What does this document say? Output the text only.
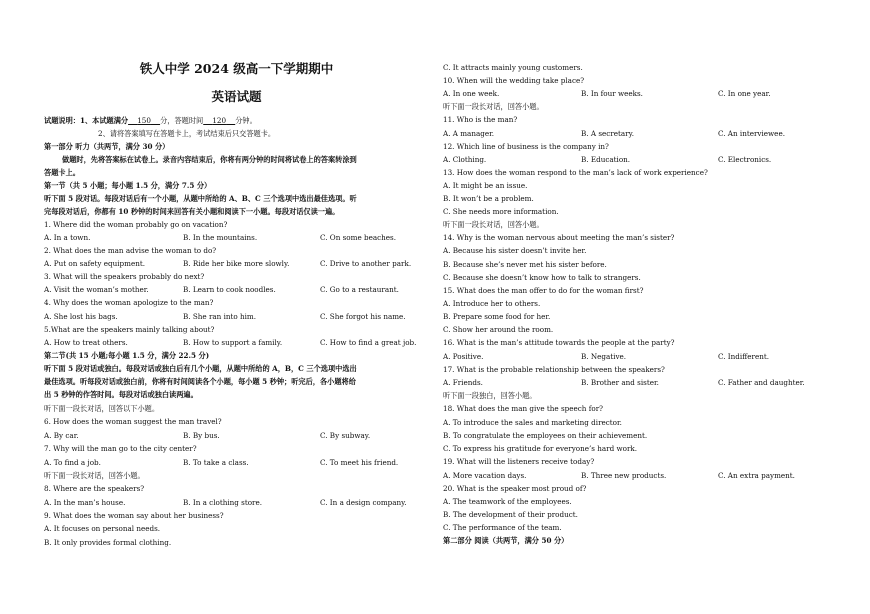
铁人中学 2024 级高一下学期期中
英语试题
试题说明：1、本试题满分 150 分，答题时间 120 分钟。
2、请将答案填写在答题卡上，考试结束后只交答题卡。
第一部分 听力（共两节，满分 30 分）
做题时，先将答案标在试卷上。录音内容结束后，你将有两分钟的时间将试卷上的答案转涂到
答题卡上。
第一节（共 5 小题；每小题 1.5 分，满分 7.5 分）
听下面 5 段对话。每段对话后有一个小题，从题中所给的 A、B、C 三个选项中选出最佳选项。听
完每段对话后，你都有 10 秒钟的时间来回答有关小题和阅读下一小题。每段对话仅读一遍。
1. Where did the woman probably go on vacation?
A. In a town.	B. In the mountains.	C. On some beaches.
2. What does the man advise the woman to do?
A. Put on safety equipment.	B. Ride her bike more slowly.	C. Drive to another park.
3. What will the speakers probably do next?
A. Visit the woman’s mother.	B. Learn to cook noodles.	C. Go to a restaurant.
4. Why does the woman apologize to the man?
A. She lost his bags.	B. She ran into him.	C. She forgot his name.
5.What are the speakers mainly talking about?
A. How to treat others.	B. How to support a family.	C. How to find a great job.
第二节(共 15 小题;每小题 1.5 分，满分 22.5 分)
听下面 5 段对话或独白。每段对话或独白后有几个小题，从题中所给的 A，B，C 三个选项中选出
最佳选项。听每段对话或独白前，你将有时间阅读各个小题，每小题 5 秒钟；听完后，各小题将给
出 5 秒钟的作答时间。每段对话或独白读两遍。
听下面一段长对话，回答以下小题。
6. How does the woman suggest the man travel?
A. By car.	B. By bus.	C. By subway.
7. Why will the man go to the city center?
A. To find a job.	B. To take a class.	C. To meet his friend.
听下面一段长对话，回答小题。
8. Where are the speakers?
A. In the man’s house.	B. In a clothing store.	C. In a design company.
9. What does the woman say about her business?
A. It focuses on personal needs.
B. It only provides formal clothing.
C. It attracts mainly young customers.
10. When will the wedding take place?
A. In one week.	B. In four weeks.	C. In one year.
听下面一段长对话，回答小题。
11. Who is the man?
A. A manager.	B. A secretary.	C. An interviewee.
12. Which line of business is the company in?
A. Clothing.	B. Education.	C. Electronics.
13. How does the woman respond to the man’s lack of work experience?
A. It might be an issue.
B. It won’t be a problem.
C. She needs more information.
听下面一段长对话，回答小题。
14. Why is the woman nervous about meeting the man’s sister?
A. Because his sister doesn’t invite her.
B. Because she’s never met his sister before.
C. Because she doesn’t know how to talk to strangers.
15. What does the man offer to do for the woman first?
A. Introduce her to others.
B. Prepare some food for her.
C. Show her around the room.
16. What is the man’s attitude towards the people at the party?
A. Positive.	B. Negative.	C. Indifferent.
17. What is the probable relationship between the speakers?
A. Friends.	B. Brother and sister.	C. Father and daughter.
听下面一段独白，回答小题。
18. What does the man give the speech for?
A. To introduce the sales and marketing director.
B. To congratulate the employees on their achievement.
C. To express his gratitude for everyone’s hard work.
19. What will the listeners receive today?
A. More vacation days.	B. Three new products.	C. An extra payment.
20. What is the speaker most proud of?
A. The teamwork of the employees.
B. The development of their product.
C. The performance of the team.
第二部分 阅读（共两节，满分 50 分）
